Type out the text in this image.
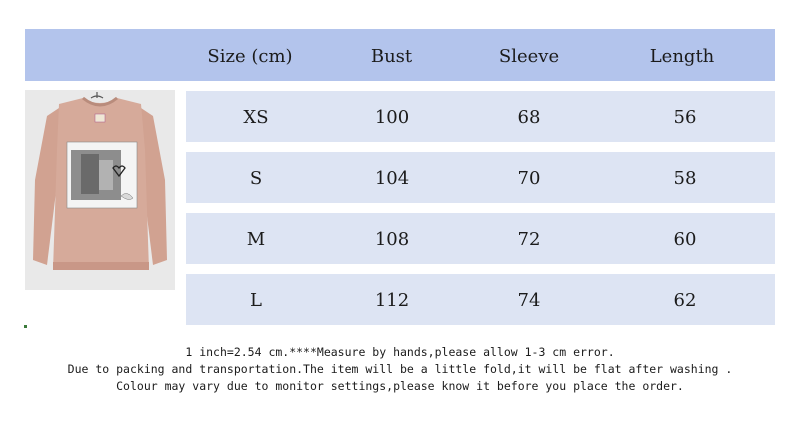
Size (cm)	Bust	Sleeve	Length
XS	100	68	56
S	104	70	58
M	108	72	60
L	112	74	62
1 inch=2.54 cm.****Measure by hands,please allow 1-3 cm error.
Due to packing and transportation.The item will be a little fold,it will be flat after washing .
Colour may vary due to monitor settings,please know it before you place the order.
